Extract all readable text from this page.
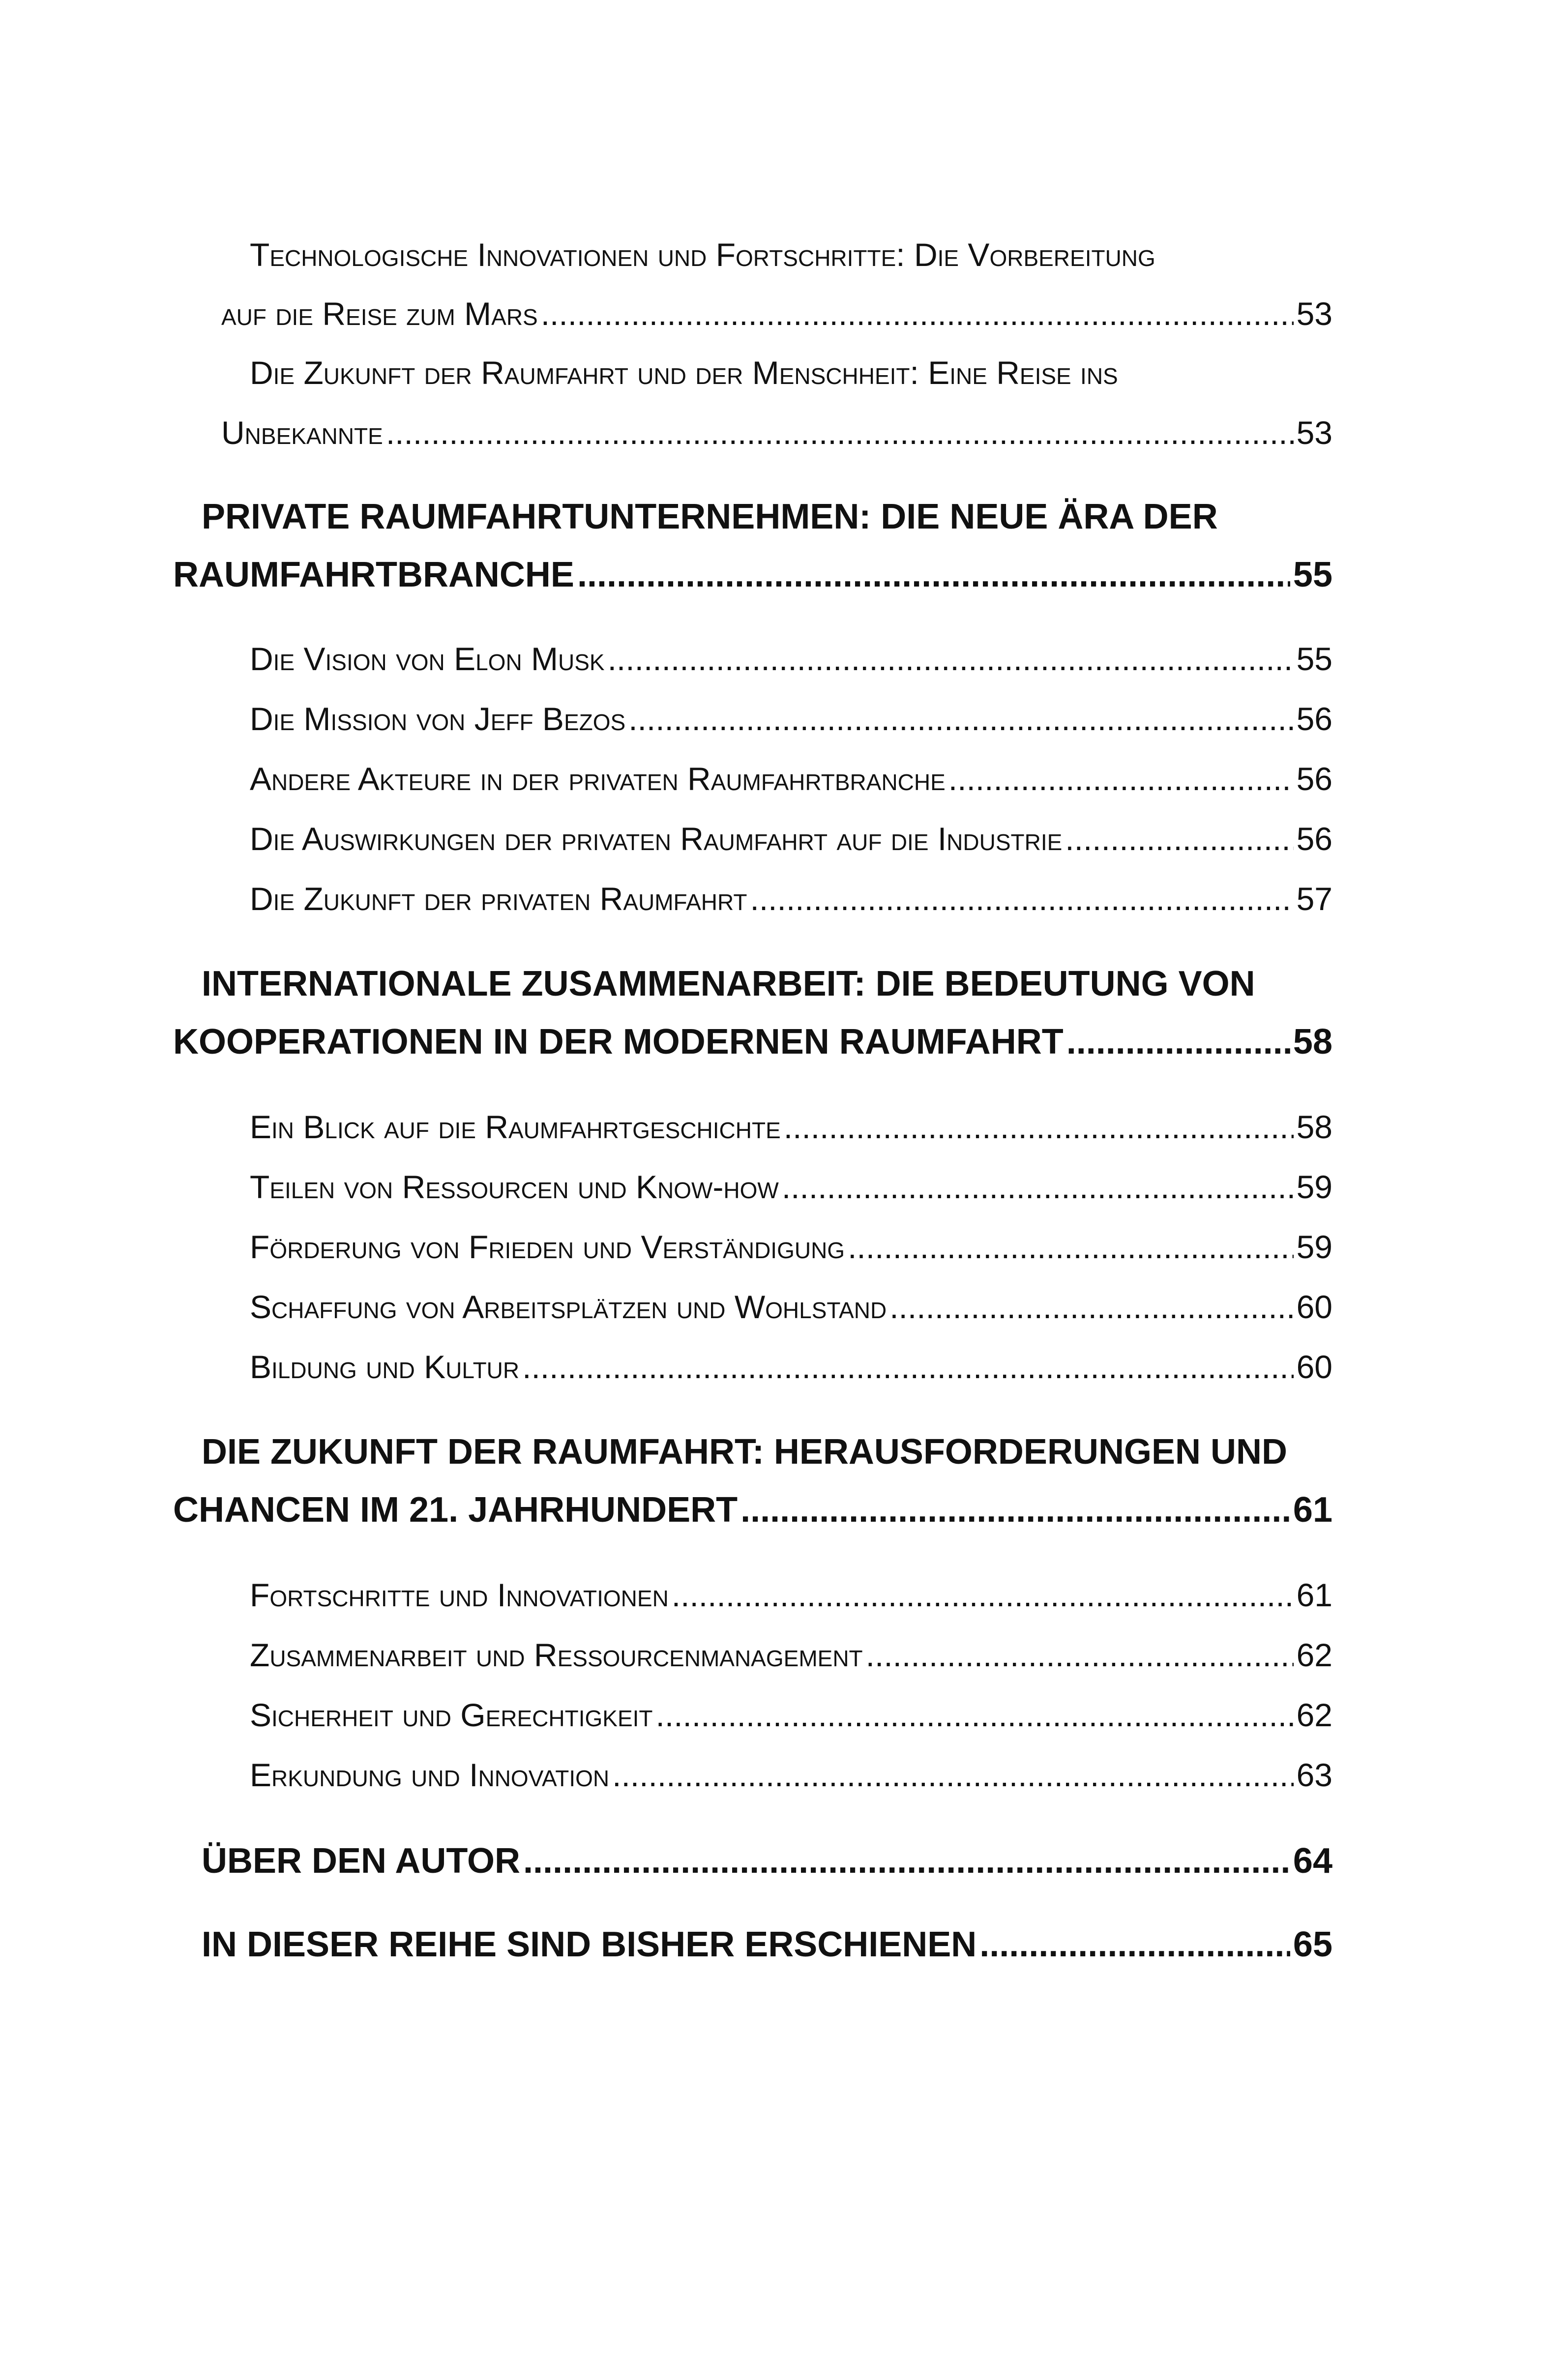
Technologische Innovationen und Fortschritte: Die Vorbereitung
auf die Reise zum Mars .....	53
Die Zukunft der Raumfahrt und der Menschheit: Eine Reise ins
Unbekannte .....	53
PRIVATE RAUMFAHRTUNTERNEHMEN: DIE NEUE ÄRA DER
RAUMFAHRTBRANCHE .....	55
Die Vision von Elon Musk .....	55
Die Mission von Jeff Bezos .....	56
Andere Akteure in der privaten Raumfahrtbranche .....	56
Die Auswirkungen der privaten Raumfahrt auf die Industrie .....	56
Die Zukunft der privaten Raumfahrt .....	57
INTERNATIONALE ZUSAMMENARBEIT: DIE BEDEUTUNG VON
KOOPERATIONEN IN DER MODERNEN RAUMFAHRT .....	58
Ein Blick auf die Raumfahrtgeschichte .....	58
Teilen von Ressourcen und Know-how .....	59
Förderung von Frieden und Verständigung .....	59
Schaffung von Arbeitsplätzen und Wohlstand .....	60
Bildung und Kultur .....	60
DIE ZUKUNFT DER RAUMFAHRT: HERAUSFORDERUNGEN UND
CHANCEN IM 21. JAHRHUNDERT .....	61
Fortschritte und Innovationen .....	61
Zusammenarbeit und Ressourcenmanagement .....	62
Sicherheit und Gerechtigkeit .....	62
Erkundung und Innovation .....	63
ÜBER DEN AUTOR .....	64
IN DIESER REIHE SIND BISHER ERSCHIENEN .....	65
